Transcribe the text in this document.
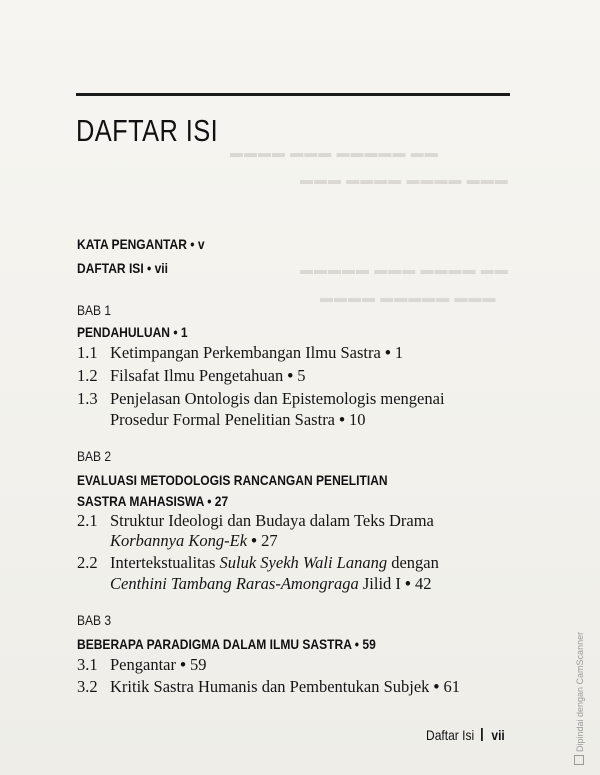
▬▬▬▬ ▬▬▬ ▬▬▬▬▬ ▬▬
▬▬▬ ▬▬▬▬ ▬▬▬▬ ▬▬▬
▬▬▬▬▬ ▬▬▬ ▬▬▬▬ ▬▬
▬▬▬▬ ▬▬▬▬▬ ▬▬▬
DAFTAR ISI
KATA PENGANTAR • v
DAFTAR ISI • vii
BAB 1
PENDAHULUAN • 1
1.1 Ketimpangan Perkembangan Ilmu Sastra • 1
1.2 Filsafat Ilmu Pengetahuan • 5
1.3 Penjelasan Ontologis dan Epistemologis mengenai
Prosedur Formal Penelitian Sastra • 10
BAB 2
EVALUASI METODOLOGIS RANCANGAN PENELITIAN
SASTRA MAHASISWA • 27
2.1 Struktur Ideologi dan Budaya dalam Teks Drama
Korbannya Kong-Ek • 27
2.2 Intertekstualitas Suluk Syekh Wali Lanang dengan
Centhini Tambang Raras-Amongraga Jilid I • 42
BAB 3
BEBERAPA PARADIGMA DALAM ILMU SASTRA • 59
3.1 Pengantar • 59
3.2 Kritik Sastra Humanis dan Pembentukan Subjek • 61
Daftar Isi vii	Dipindai dengan CamScanner
